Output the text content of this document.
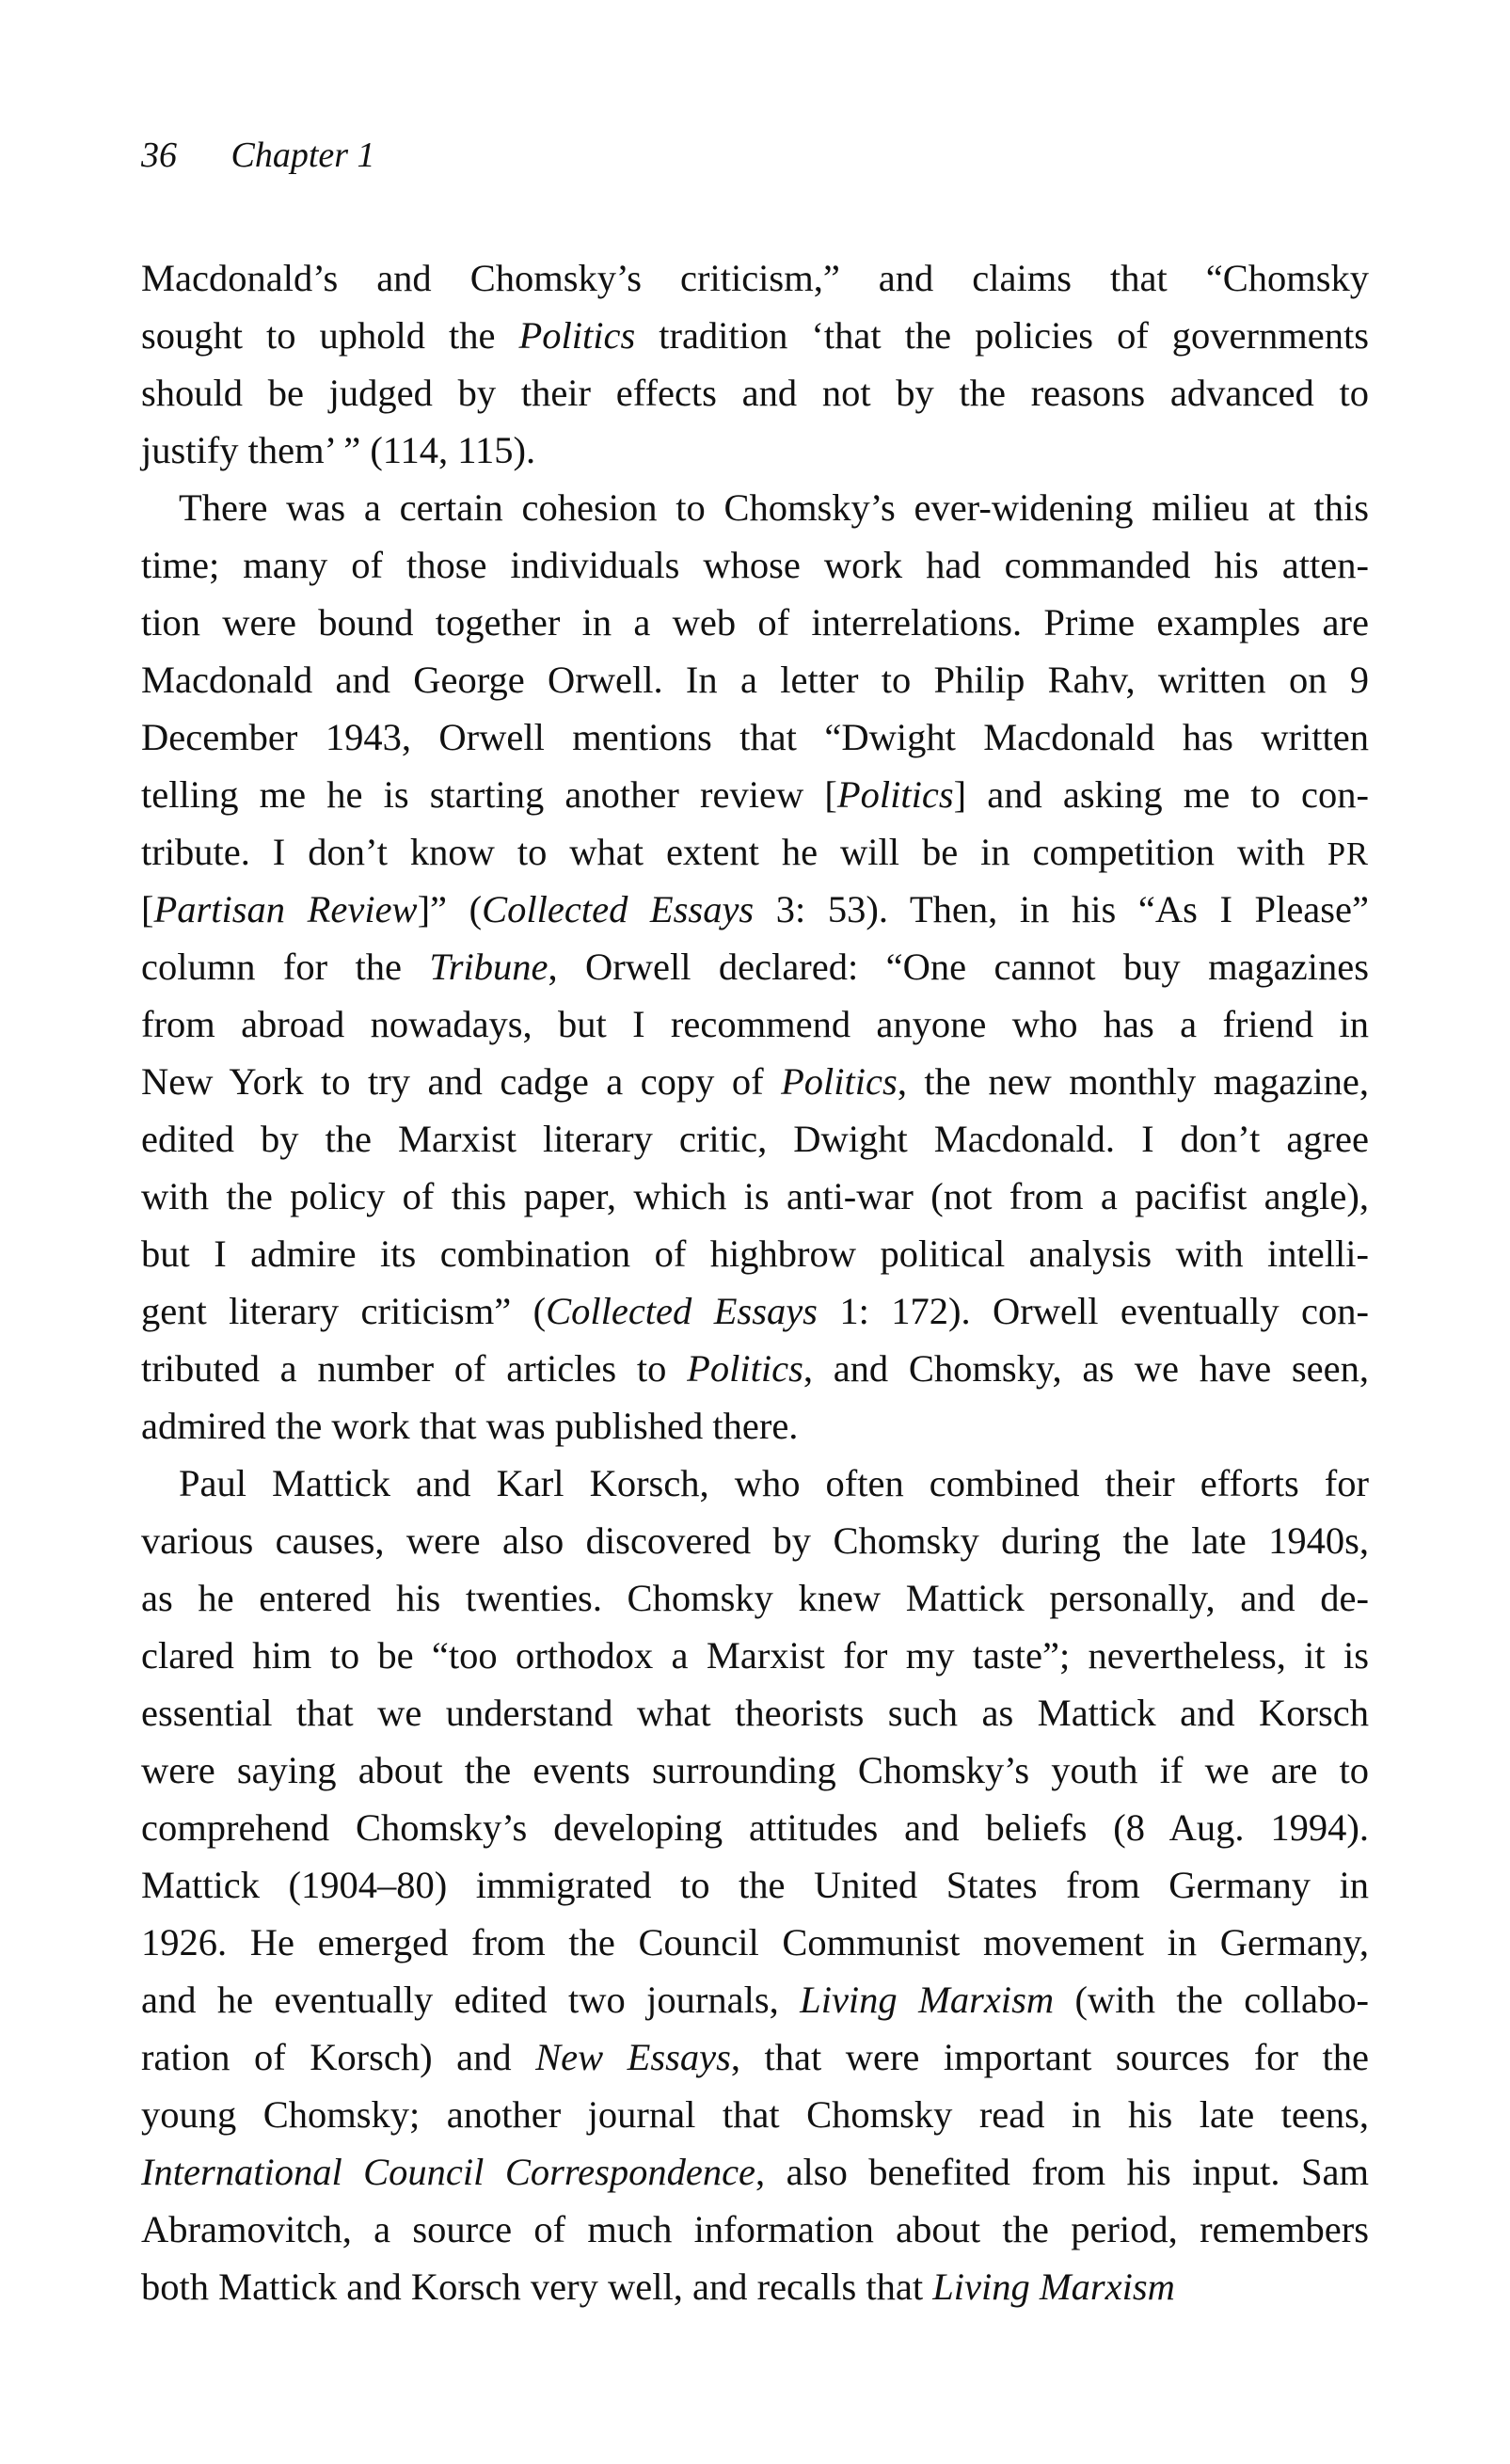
36 Chapter 1
Macdonald’s and Chomsky’s criticism,” and claims that “Chomsky
sought to uphold the Politics tradition ‘that the policies of governments
should be judged by their effects and not by the reasons advanced to
justify them’ ” (114, 115).
There was a certain cohesion to Chomsky’s ever-widening milieu at this
time; many of those individuals whose work had commanded his atten-
tion were bound together in a web of interrelations. Prime examples are
Macdonald and George Orwell. In a letter to Philip Rahv, written on 9
December 1943, Orwell mentions that “Dwight Macdonald has written
telling me he is starting another review [Politics] and asking me to con-
tribute. I don’t know to what extent he will be in competition with PR
[Partisan Review]” (Collected Essays 3: 53). Then, in his “As I Please”
column for the Tribune, Orwell declared: “One cannot buy magazines
from abroad nowadays, but I recommend anyone who has a friend in
New York to try and cadge a copy of Politics, the new monthly magazine,
edited by the Marxist literary critic, Dwight Macdonald. I don’t agree
with the policy of this paper, which is anti-war (not from a pacifist angle),
but I admire its combination of highbrow political analysis with intelli-
gent literary criticism” (Collected Essays 1: 172). Orwell eventually con-
tributed a number of articles to Politics, and Chomsky, as we have seen,
admired the work that was published there.
Paul Mattick and Karl Korsch, who often combined their efforts for
various causes, were also discovered by Chomsky during the late 1940s,
as he entered his twenties. Chomsky knew Mattick personally, and de-
clared him to be “too orthodox a Marxist for my taste”; nevertheless, it is
essential that we understand what theorists such as Mattick and Korsch
were saying about the events surrounding Chomsky’s youth if we are to
comprehend Chomsky’s developing attitudes and beliefs (8 Aug. 1994).
Mattick (1904–80) immigrated to the United States from Germany in
1926. He emerged from the Council Communist movement in Germany,
and he eventually edited two journals, Living Marxism (with the collabo-
ration of Korsch) and New Essays, that were important sources for the
young Chomsky; another journal that Chomsky read in his late teens,
International Council Correspondence, also benefited from his input. Sam
Abramovitch, a source of much information about the period, remembers
both Mattick and Korsch very well, and recalls that Living Marxism
